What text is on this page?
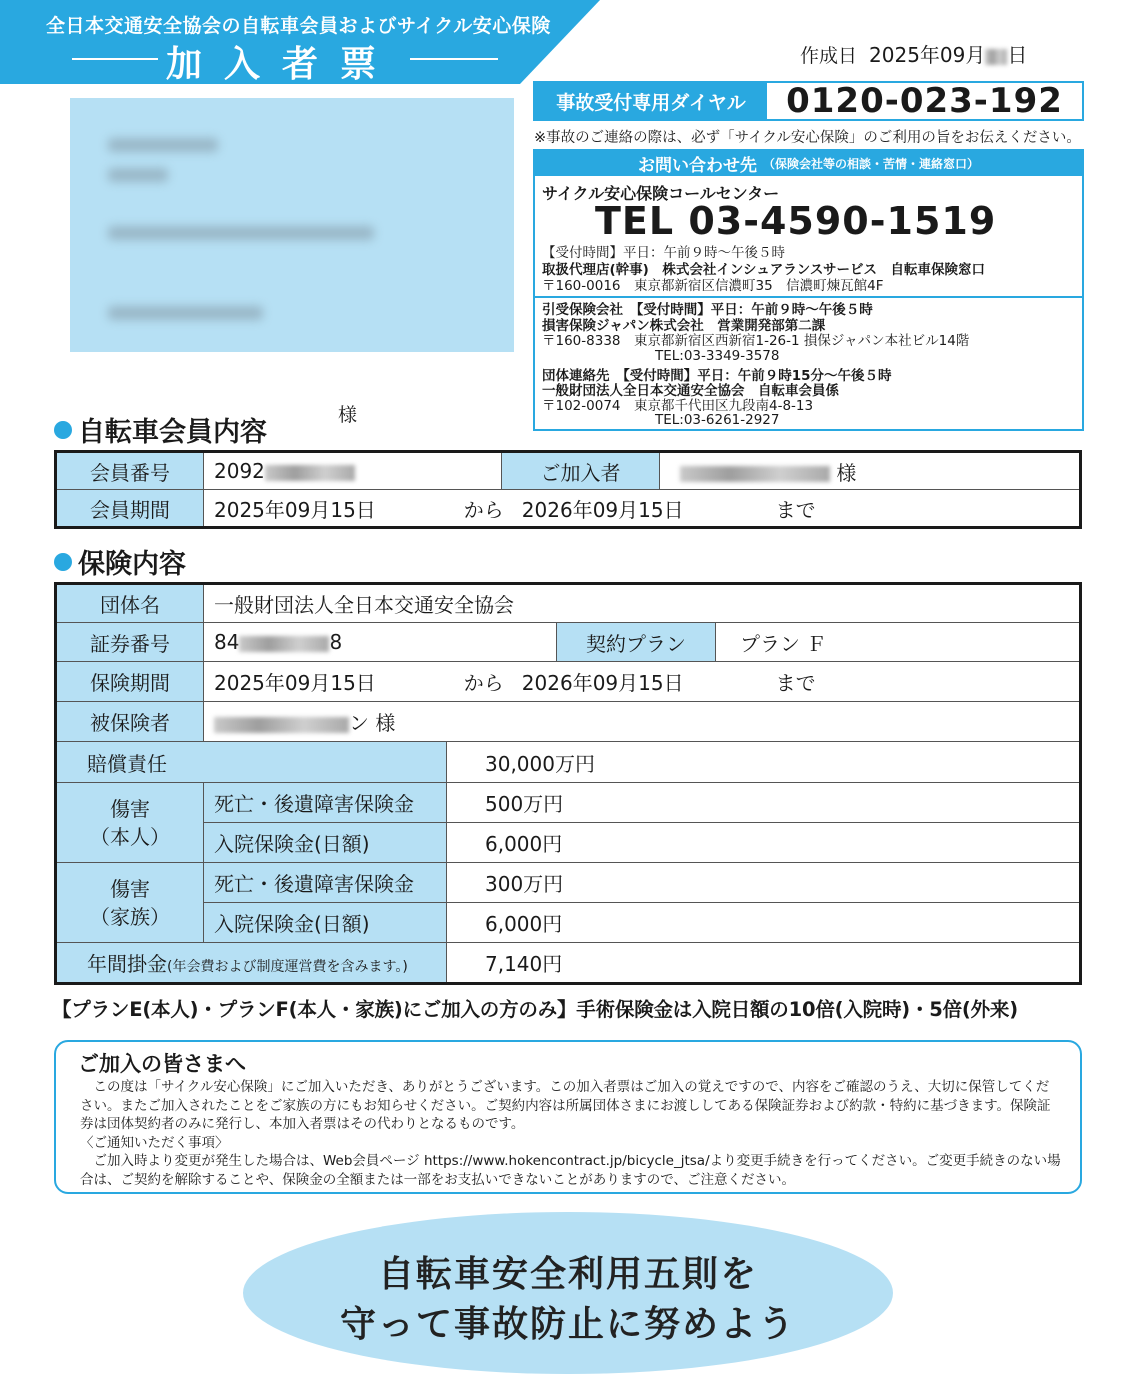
全日本交通安全協会の自転車会員およびサイクル安心保険
加入者票	作成日 2025年09月 日
様
事故受付専用ダイヤル	0120-023-192
※事故のご連絡の際は、必ず「サイクル安心保険」のご利用の旨をお伝えください。
お問い合わせ先 （保険会社等の相談・苦情・連絡窓口）
サイクル安心保険コールセンター
TEL 03-4590-1519
【受付時間】平日：午前９時～午後５時
取扱代理店(幹事)　株式会社インシュアランスサービス　自転車保険窓口
〒160-0016　東京都新宿区信濃町35　信濃町煉瓦館4F
引受保険会社　【受付時間】平日：午前９時～午後５時
損害保険ジャパン株式会社　営業開発部第二課
〒160-8338　東京都新宿区西新宿1-26-1 損保ジャパン本社ビル14階
TEL:03-3349-3578
団体連絡先　【受付時間】平日：午前９時15分～午後５時
一般財団法人全日本交通安全協会　自転車会員係
〒102-0074　東京都千代田区九段南4-8-13
TEL:03-6261-2927
自転車会員内容
会員番号	2092	ご加入者	様
会員期間	2025年09月15日 から 2026年09月15日 まで		
保険内容
団体名	一般財団法人全日本交通安全協会			
証券番号	84 8		契約プラン	プラン Ｆ
保険期間	2025年09月15日 から 2026年09月15日 まで			
被保険者	ン 様			
賠償責任		30,000万円		
傷害
（本人）	死亡・後遺障害保険金	500万円		
	入院保険金(日額)	6,000円		
傷害
（家族）	死亡・後遺障害保険金	300万円		
	入院保険金(日額)	6,000円		
年間掛金(年会費および制度運営費を含みます。)		7,140円		
【プランE(本人)・プランF(本人・家族)にご加入の方のみ】手術保険金は入院日額の10倍(入院時)・5倍(外来)
ご加入の皆さまへ
　この度は「サイクル安心保険」にご加入いただき、ありがとうございます。この加入者票はご加入の覚えですので、内容をご確認のうえ、大切に保管してください。またご加入されたことをご家族の方にもお知らせください。ご契約内容は所属団体さまにお渡ししてある保険証券および約款・特約に基づきます。保険証券は団体契約者のみに発行し、本加入者票はその代わりとなるものです。
〈ご通知いただく事項〉
　ご加入時より変更が発生した場合は、Web会員ページ https://www.hokencontract.jp/bicycle_jtsa/より変更手続きを行ってください。ご変更手続きのない場合は、ご契約を解除することや、保険金の全額または一部をお支払いできないことがありますので、ご注意ください。
自転車安全利用五則を
守って事故防止に努めよう
